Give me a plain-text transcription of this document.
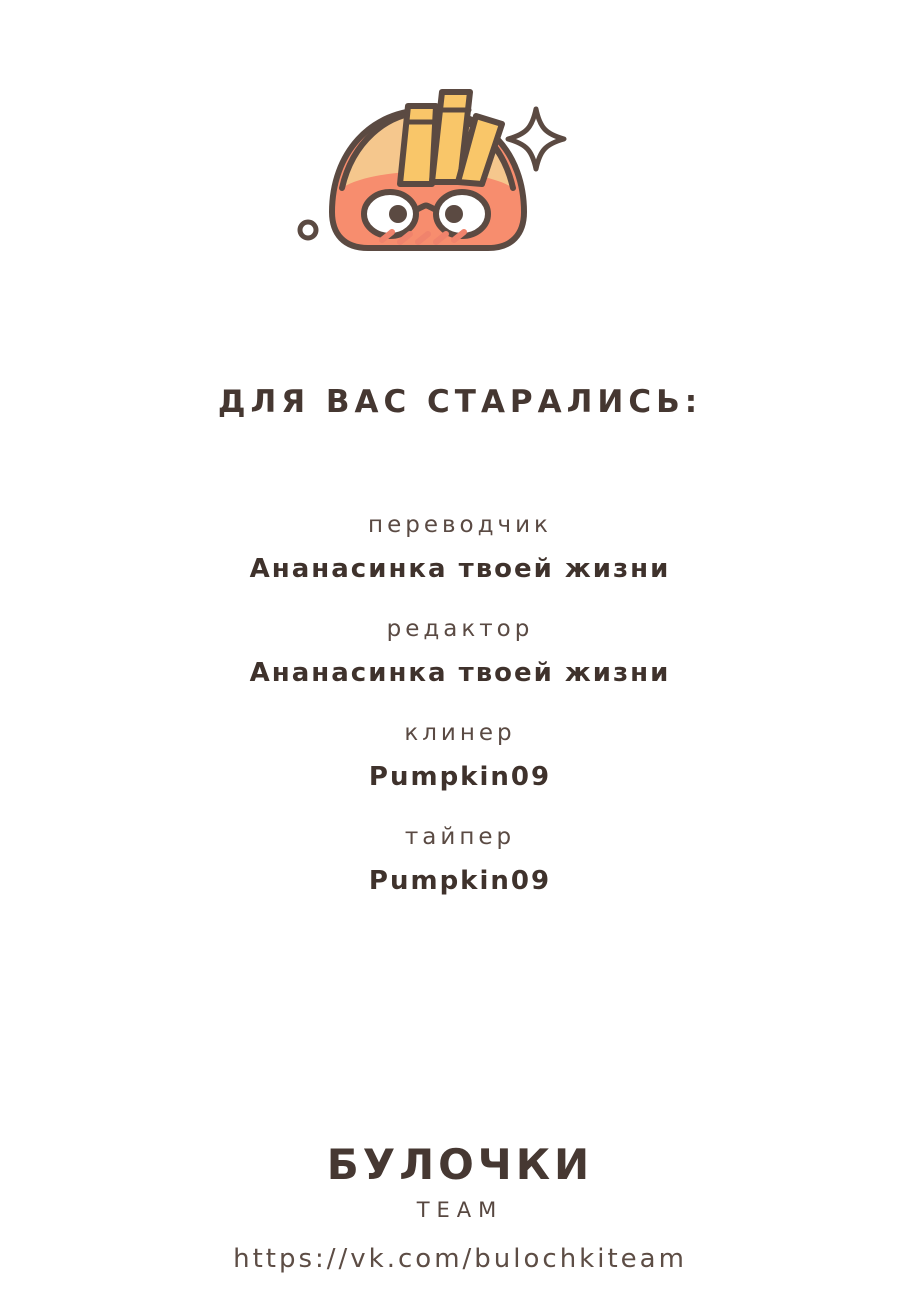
ДЛЯ ВАС СТАРАЛИСЬ:
переводчик
Ананасинка твоей жизни
редактор
Ананасинка твоей жизни
клинер
Pumpkin09
тайпер
Pumpkin09
БУЛОЧКИ
TEAM
https://vk.com/bulochkiteam
